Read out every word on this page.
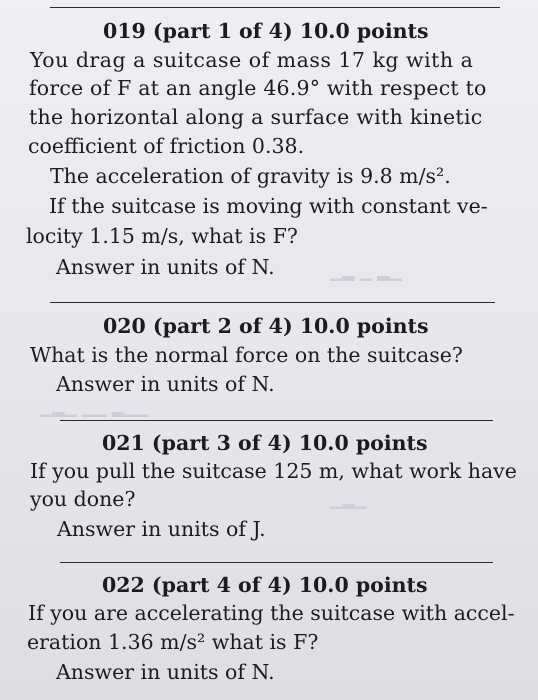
▁▂ ▁ ▂▁
▁▂▁ ▁▁ ▂▁▁
▁▂▁
019 (part 1 of 4) 10.0 points
You drag a suitcase of mass 17 kg with a
force of F at an angle 46.9° with respect to
the horizontal along a surface with kinetic
coefficient of friction 0.38.
The acceleration of gravity is 9.8 m/s².
If the suitcase is moving with constant ve-
locity 1.15 m/s, what is F?
Answer in units of N.
020 (part 2 of 4) 10.0 points
What is the normal force on the suitcase?
Answer in units of N.
021 (part 3 of 4) 10.0 points
If you pull the suitcase 125 m, what work have
you done?
Answer in units of J.
022 (part 4 of 4) 10.0 points
If you are accelerating the suitcase with accel-
eration 1.36 m/s² what is F?
Answer in units of N.
